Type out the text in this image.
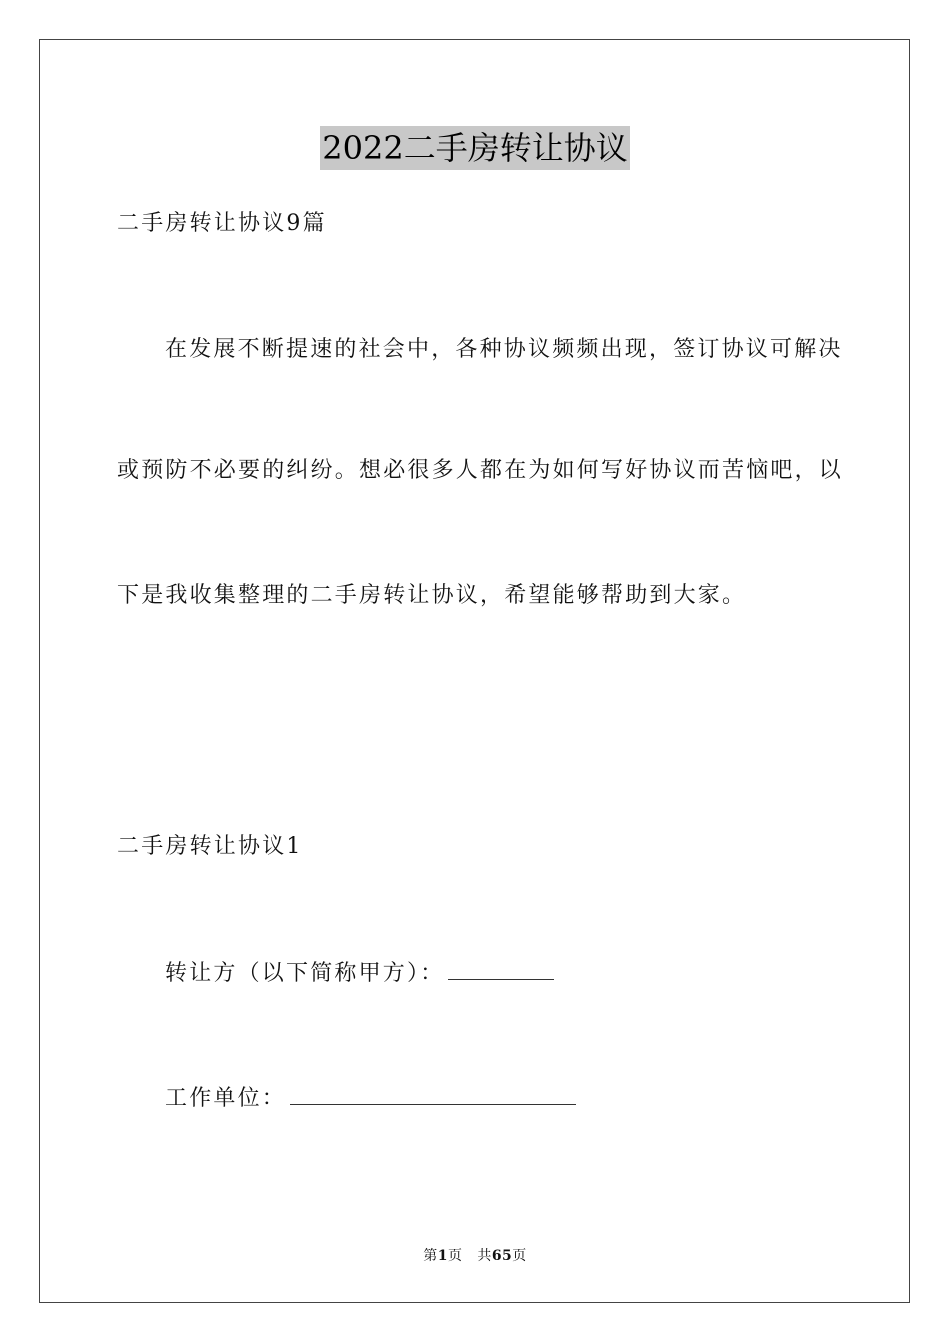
2022二手房转让协议
二手房转让协议9篇
在发展不断提速的社会中，各种协议频频出现，签订协议可解决
或预防不必要的纠纷。想必很多人都在为如何写好协议而苦恼吧，以
下是我收集整理的二手房转让协议，希望能够帮助到大家。
二手房转让协议1
转让方（以下简称甲方）：
工作单位：
第1页 共65页
